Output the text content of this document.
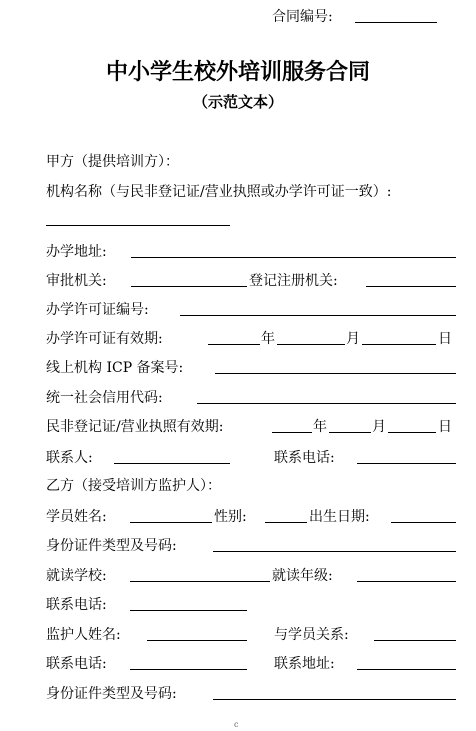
合同编号:
中小学生校外培训服务合同
（示范文本）
甲方（提供培训方）：
机构名称（与民非登记证/营业执照或办学许可证一致）:
办学地址:
审批机关:	登记注册机关:
办学许可证编号:
办学许可证有效期:	年	月	日
线上机构 ICP 备案号:
统一社会信用代码:
民非登记证/营业执照有效期:	年	月	日
联系人:	联系电话:
乙方（接受培训方监护人）：
学员姓名:	性别:	出生日期:
身份证件类型及号码:
就读学校:	就读年级:
联系电话:
监护人姓名:	与学员关系:
联系电话:	联系地址:
身份证件类型及号码:
c
